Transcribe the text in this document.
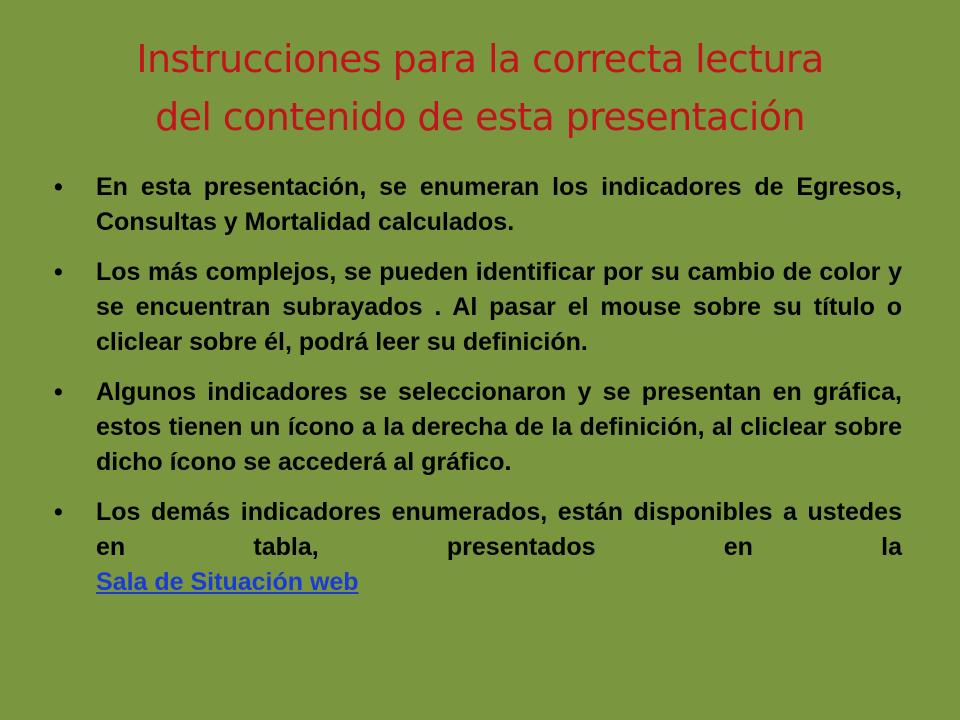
Instrucciones para la correcta lectura
del contenido de esta presentación
• En esta presentación, se enumeran los indicadores de Egresos, Consultas y Mortalidad calculados.
• Los más complejos, se pueden identificar por su cambio de color y se encuentran subrayados . Al pasar el mouse sobre su título o cliclear sobre él, podrá leer su definición.
• Algunos indicadores se seleccionaron y se presentan en gráfica, estos tienen un ícono a la derecha de la definición, al cliclear sobre dicho ícono se accederá al gráfico.
• Los demás indicadores enumerados, están disponibles a ustedes en tabla, presentados en la
Sala de Situación web
